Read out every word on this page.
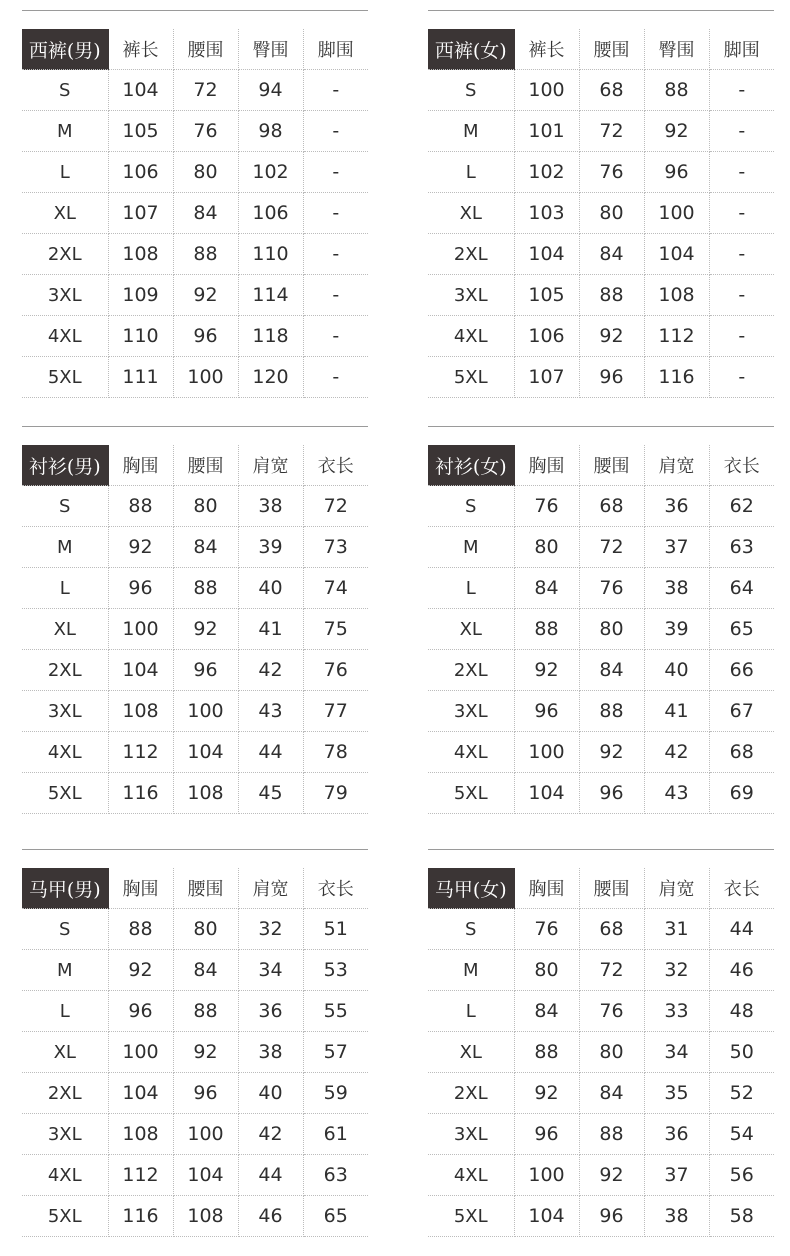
西裤(男)	裤长	腰围	臀围	脚围
S	104	72	94	-
M	105	76	98	-
L	106	80	102	-
XL	107	84	106	-
2XL	108	88	110	-
3XL	109	92	114	-
4XL	110	96	118	-
5XL	111	100	120	-
西裤(女)	裤长	腰围	臀围	脚围
S	100	68	88	-
M	101	72	92	-
L	102	76	96	-
XL	103	80	100	-
2XL	104	84	104	-
3XL	105	88	108	-
4XL	106	92	112	-
5XL	107	96	116	-
衬衫(男)	胸围	腰围	肩宽	衣长
S	88	80	38	72
M	92	84	39	73
L	96	88	40	74
XL	100	92	41	75
2XL	104	96	42	76
3XL	108	100	43	77
4XL	112	104	44	78
5XL	116	108	45	79
衬衫(女)	胸围	腰围	肩宽	衣长
S	76	68	36	62
M	80	72	37	63
L	84	76	38	64
XL	88	80	39	65
2XL	92	84	40	66
3XL	96	88	41	67
4XL	100	92	42	68
5XL	104	96	43	69
马甲(男)	胸围	腰围	肩宽	衣长
S	88	80	32	51
M	92	84	34	53
L	96	88	36	55
XL	100	92	38	57
2XL	104	96	40	59
3XL	108	100	42	61
4XL	112	104	44	63
5XL	116	108	46	65
马甲(女)	胸围	腰围	肩宽	衣长
S	76	68	31	44
M	80	72	32	46
L	84	76	33	48
XL	88	80	34	50
2XL	92	84	35	52
3XL	96	88	36	54
4XL	100	92	37	56
5XL	104	96	38	58
